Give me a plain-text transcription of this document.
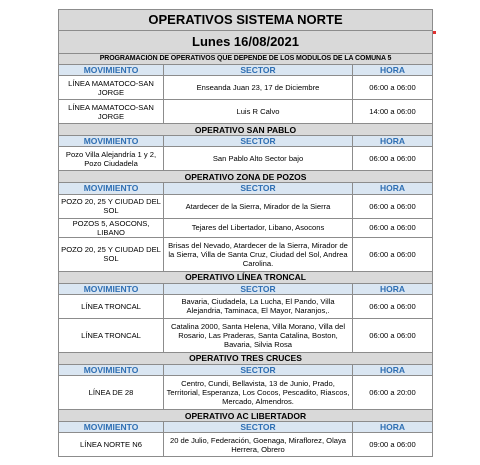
OPERATIVOS SISTEMA NORTE		
Lunes 16/08/2021		
PROGRAMACIÓN DE OPERATIVOS QUE DEPENDE DE LOS MODULOS DE LA COMUNA 5		
MOVIMIENTO	SECTOR	HORA
LÍNEA MAMATOCO-SAN JORGE	Enseanda Juan 23, 17 de Diciembre	06:00 a 06:00
LÍNEA MAMATOCO-SAN JORGE	Luis R Calvo	14:00 a 06:00
OPERATIVO SAN PABLO		
MOVIMIENTO	SECTOR	HORA
Pozo Villa Alejandría 1 y 2, Pozo Ciudadela	San Pablo Alto Sector bajo	06:00 a 06:00
OPERATIVO ZONA DE POZOS		
MOVIMIENTO	SECTOR	HORA
POZO 20, 25 Y CIUDAD DEL SOL	Atardecer de la Sierra, Mirador de la Sierra	06:00 a 06:00
POZOS 5, ASOCONS, LIBANO	Tejares del Libertador, Libano, Asocons	06:00 a 06:00
POZO 20, 25 Y CIUDAD DEL SOL	Brisas del Nevado, Atardecer de la Sierra, Mirador de la Sierra, Villa de Santa Cruz, Ciudad del Sol, Andrea Carolina.	06:00 a 06:00
OPERATIVO LÍNEA TRONCAL		
MOVIMIENTO	SECTOR	HORA
LÍNEA TRONCAL	Bavaria, Ciudadela, La Lucha, El Pando, Villa Alejandria, Taminaca, El Mayor, Naranjos,.	06:00 a 06:00
LÍNEA TRONCAL	Catalina 2000, Santa Helena, Villa Morano, Villa del Rosario, Las Praderas, Santa Catalina, Boston, Bavaria, Silvia Rosa	06:00 a 06:00
OPERATIVO TRES CRUCES		
MOVIMIENTO	SECTOR	HORA
LÍNEA DE 28	Centro, Cundi, Bellavista, 13 de Junio, Prado, Territorial, Esperanza, Los Cocos, Pescadito, Riascos, Mercado, Almendros.	06:00 a 20:00
OPERATIVO AC LIBERTADOR		
MOVIMIENTO	SECTOR	HORA
LÍNEA NORTE N6	20 de Julio, Federación, Goenaga, Miraflorez, Olaya Herrera, Obrero	09:00 a 06:00
